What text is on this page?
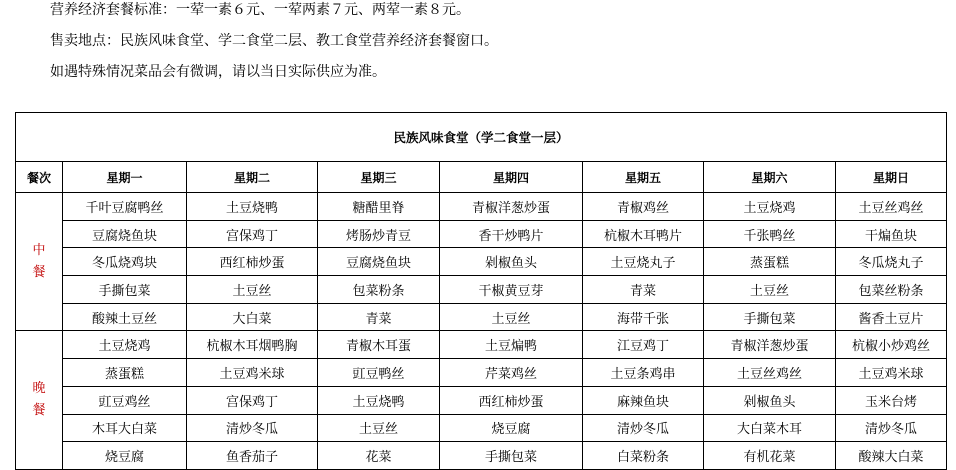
营养经济套餐标准：一荤一素６元、一荤两素７元、两荤一素８元。
售卖地点：民族风味食堂、学二食堂二层、教工食堂营养经济套餐窗口。
如遇特殊情况菜品会有微调，请以当日实际供应为准。
民族风味食堂（学二食堂一层）							
餐次	星期一	星期二	星期三	星期四	星期五	星期六	星期日

中
餐	千叶豆腐鸭丝	土豆烧鸭	糖醋里脊	青椒洋葱炒蛋	青椒鸡丝	土豆烧鸡	土豆丝鸡丝
	豆腐烧鱼块	宫保鸡丁	烤肠炒青豆	香干炒鸭片	杭椒木耳鸭片	千张鸭丝	干煸鱼块
	冬瓜烧鸡块	西红柿炒蛋	豆腐烧鱼块	剁椒鱼头	土豆烧丸子	蒸蛋糕	冬瓜烧丸子
	手撕包菜	土豆丝	包菜粉条	干椒黄豆芽	青菜	土豆丝	包菜丝粉条
	酸辣土豆丝	大白菜	青菜	土豆丝	海带千张	手撕包菜	酱香土豆片

晚
餐	土豆烧鸡	杭椒木耳烟鸭胸	青椒木耳蛋	土豆煸鸭	江豆鸡丁	青椒洋葱炒蛋	杭椒小炒鸡丝
	蒸蛋糕	土豆鸡米球	豇豆鸭丝	芹菜鸡丝	土豆条鸡串	土豆丝鸡丝	土豆鸡米球
	豇豆鸡丝	宫保鸡丁	土豆烧鸭	西红柿炒蛋	麻辣鱼块	剁椒鱼头	玉米台烤
	木耳大白菜	清炒冬瓜	土豆丝	烧豆腐	清炒冬瓜	大白菜木耳	清炒冬瓜
	烧豆腐	鱼香茄子	花菜	手撕包菜	白菜粉条	有机花菜	酸辣大白菜
